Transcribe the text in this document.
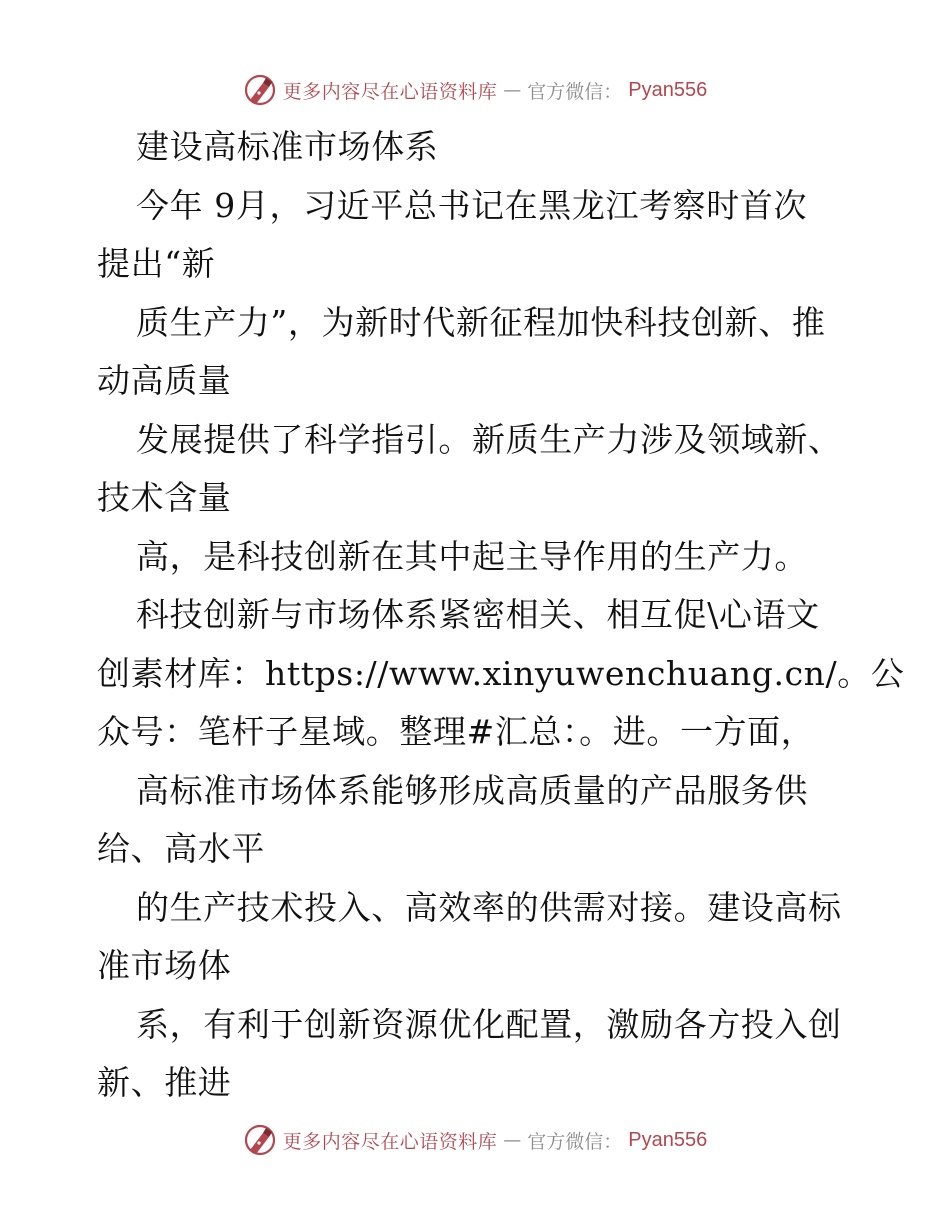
更多内容尽在心语资料库 — 官方微信： Pyan556
建设高标准市场体系
今年 9月，习近平总书记在黑龙江考察时首次
提出“新
质生产力”，为新时代新征程加快科技创新、推
动高质量
发展提供了科学指引。新质生产力涉及领域新、
技术含量
高，是科技创新在其中起主导作用的生产力。
科技创新与市场体系紧密相关、相互促\心语文
创素材库：https://www.xinyuwenchuang.cn/。公
众号：笔杆子星域。整理#汇总：。进。一方面，
高标准市场体系能够形成高质量的产品服务供
给、高水平
的生产技术投入、高效率的供需对接。建设高标
准市场体
系，有利于创新资源优化配置，激励各方投入创
新、推进
更多内容尽在心语资料库 — 官方微信： Pyan556
